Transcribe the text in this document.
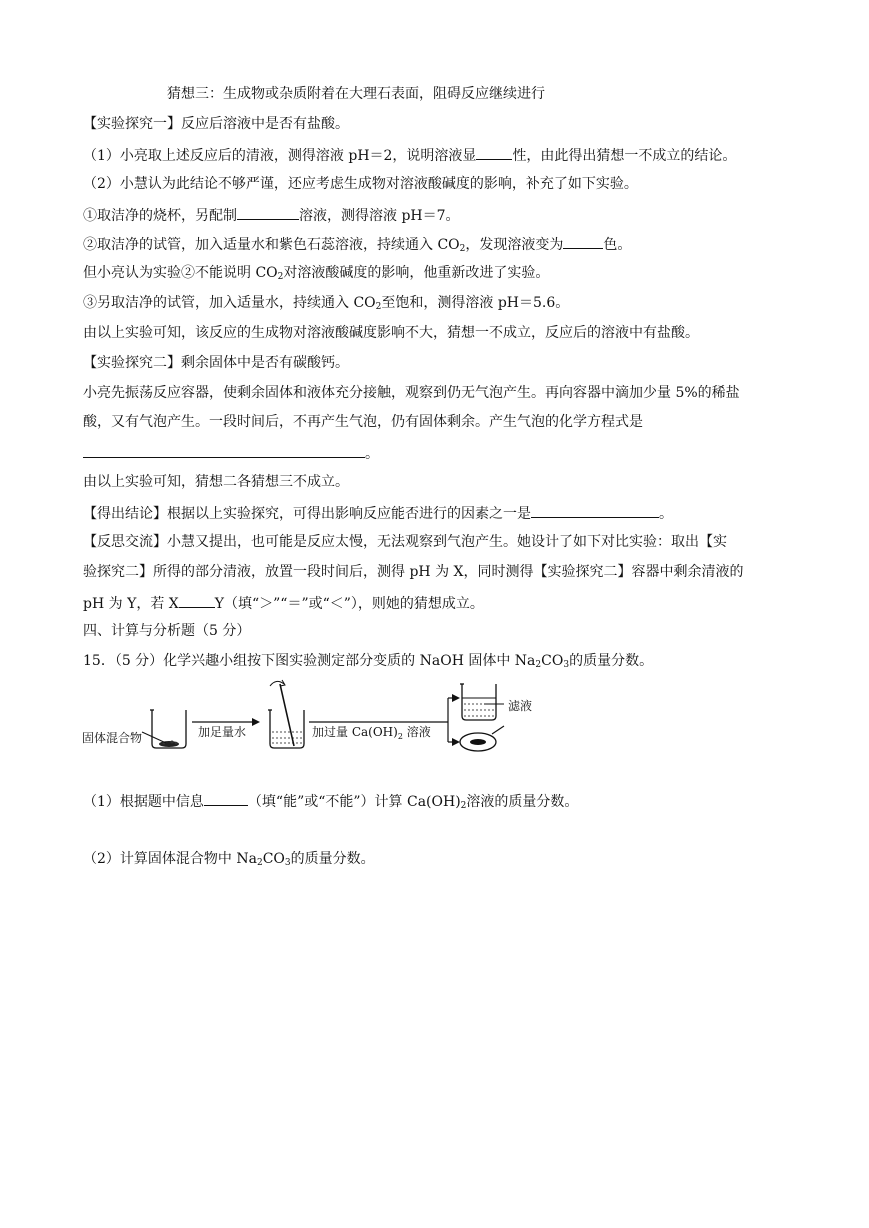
猜想三：生成物或杂质附着在大理石表面，阻碍反应继续进行
【实验探究一】反应后溶液中是否有盐酸。
（1）小亮取上述反应后的清液，测得溶液 pH＝2，说明溶液显	性，由此得出猜想一不成立的结论。
（2）小慧认为此结论不够严谨，还应考虑生成物对溶液酸碱度的影响，补充了如下实验。
①取洁净的烧杯，另配制	溶液，测得溶液 pH＝7。
②取洁净的试管，加入适量水和紫色石蕊溶液，持续通入 $CO_2$，发现溶液变为	色。
但小亮认为实验②不能说明 $CO_2$对溶液酸碱度的影响，他重新改进了实验。
③另取洁净的试管，加入适量水，持续通入 $CO_2$至饱和，测得溶液 pH＝5.6。
由以上实验可知，该反应的生成物对溶液酸碱度影响不大，猜想一不成立，反应后的溶液中有盐酸。
【实验探究二】剩余固体中是否有碳酸钙。
小亮先振荡反应容器，使剩余固体和液体充分接触，观察到仍无气泡产生。再向容器中滴加少量 5%的稀盐
酸，又有气泡产生。一段时间后，不再产生气泡，仍有固体剩余。产生气泡的化学方程式是
。
由以上实验可知，猜想二各猜想三不成立。
【得出结论】根据以上实验探究，可得出影响反应能否进行的因素之一是	。
【反思交流】小慧又提出，也可能是反应太慢，无法观察到气泡产生。她设计了如下对比实验：取出【实
验探究二】所得的部分清液，放置一段时间后，测得 pH 为 X，同时测得【实验探究二】容器中剩余清液的
pH 为 Y，若 X	Y（填“＞”“＝”或“＜”），则她的猜想成立。
四、计算与分析题（5 分）
15．（5 分）化学兴趣小组按下图实验测定部分变质的 NaOH 固体中 $Na_2CO_3$的质量分数。
固体混合物	加足量水	加过量 $Ca(OH)_2$ 溶液
滤液
（1）根据题中信息	（填“能”或“不能”）计算 $Ca(OH)_2$溶液的质量分数。
（2）计算固体混合物中 $Na_2CO_3$的质量分数。
